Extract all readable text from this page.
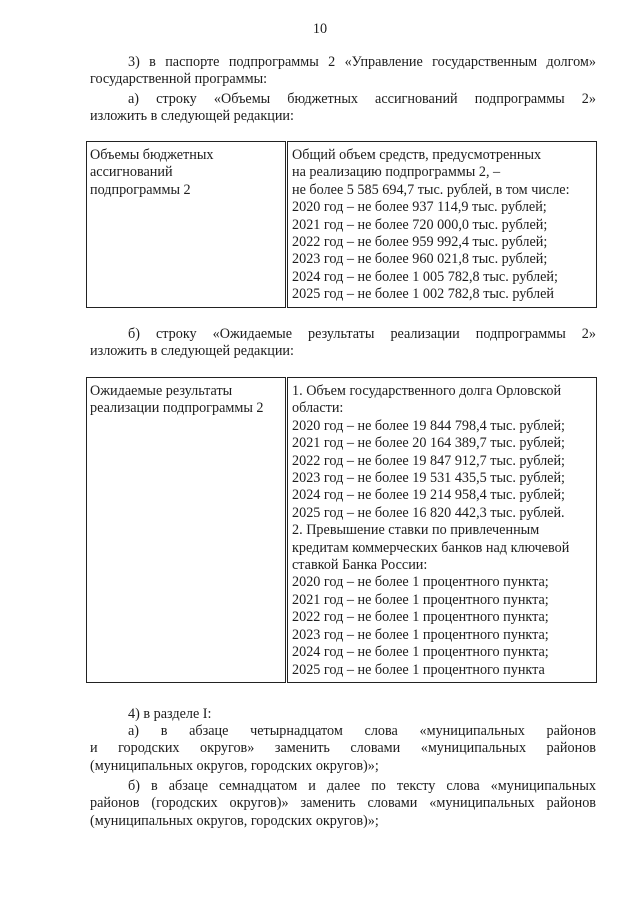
10
3) в паспорте подпрограммы 2 «Управление государственным долгом»
государственной программы:
а) строку «Объемы бюджетных ассигнований подпрограммы 2»
изложить в следующей редакции:
Объемы бюджетных
ассигнований
подпрограммы 2

Общий объем средств, предусмотренных
на реализацию подпрограммы 2, –
не более 5 585 694,7 тыс. рублей, в том числе:
2020 год – не более 937 114,9 тыс. рублей;
2021 год – не более 720 000,0 тыс. рублей;
2022 год – не более 959 992,4 тыс. рублей;
2023 год – не более 960 021,8 тыс. рублей;
2024 год – не более 1 005 782,8 тыс. рублей;
2025 год – не более 1 002 782,8 тыс. рублей
б) строку «Ожидаемые результаты реализации подпрограммы 2»
изложить в следующей редакции:
Ожидаемые результаты
реализации подпрограммы 2

1. Объем государственного долга Орловской
области:
2020 год – не более 19 844 798,4 тыс. рублей;
2021 год – не более 20 164 389,7 тыс. рублей;
2022 год – не более 19 847 912,7 тыс. рублей;
2023 год – не более 19 531 435,5 тыс. рублей;
2024 год – не более 19 214 958,4 тыс. рублей;
2025 год – не более 16 820 442,3 тыс. рублей.
2. Превышение ставки по привлеченным
кредитам коммерческих банков над ключевой
ставкой Банка России:
2020 год – не более 1 процентного пункта;
2021 год – не более 1 процентного пункта;
2022 год – не более 1 процентного пункта;
2023 год – не более 1 процентного пункта;
2024 год – не более 1 процентного пункта;
2025 год – не более 1 процентного пункта
4) в разделе I:
а) в абзаце четырнадцатом слова «муниципальных районов
и городских округов» заменить словами «муниципальных районов
(муниципальных округов, городских округов)»;
б) в абзаце семнадцатом и далее по тексту слова «муниципальных
районов (городских округов)» заменить словами «муниципальных районов
(муниципальных округов, городских округов)»;
